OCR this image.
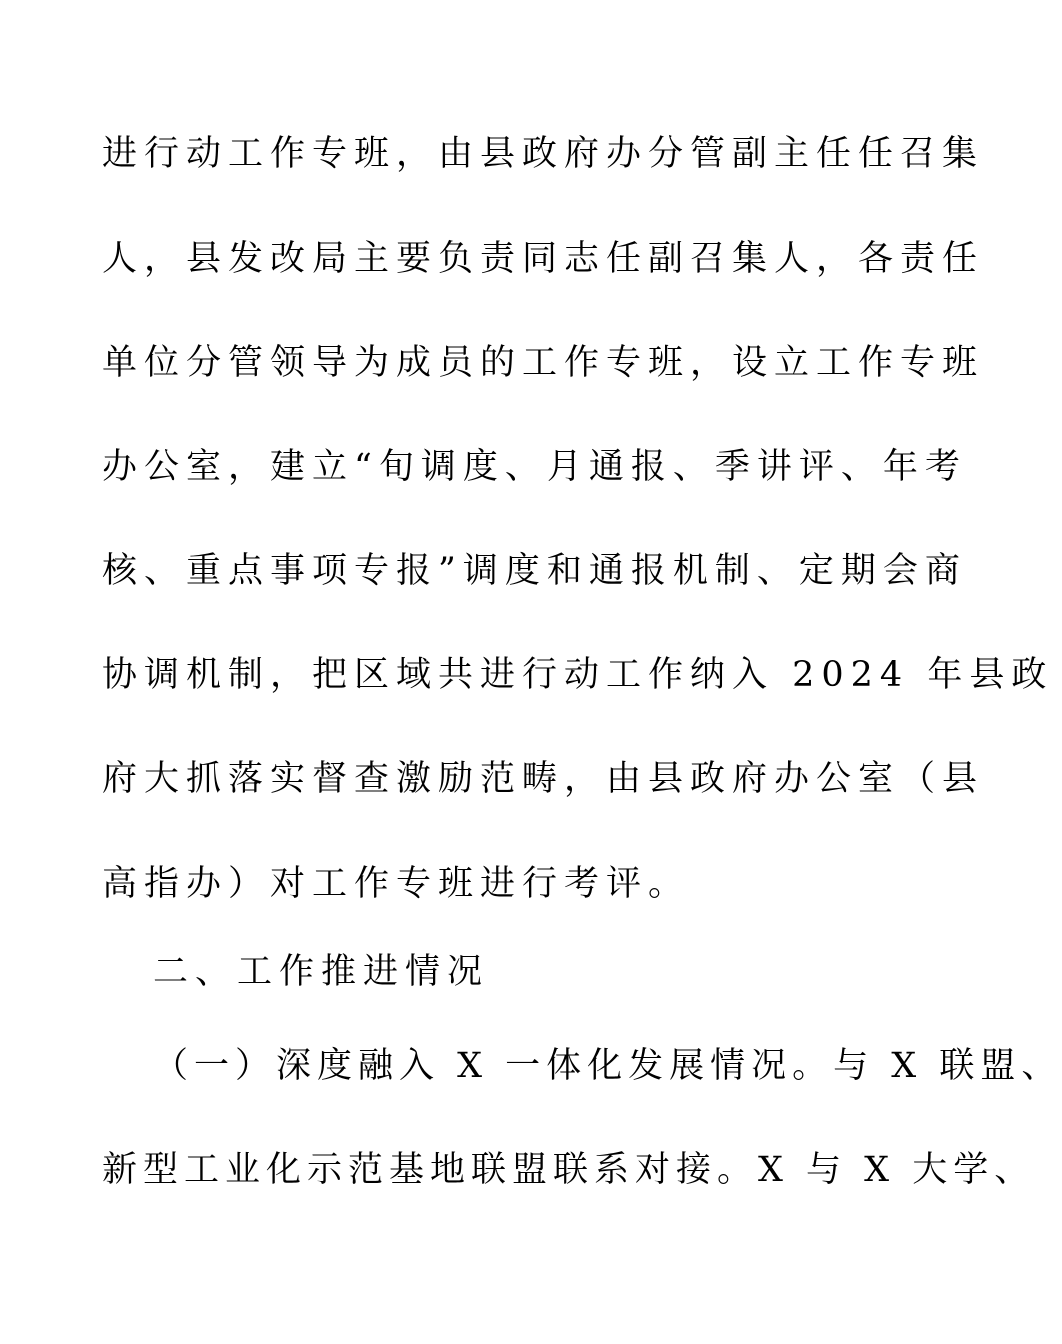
进行动工作专班，由县政府办分管副主任任召集
人，县发改局主要负责同志任副召集人，各责任
单位分管领导为成员的工作专班，设立工作专班
办公室，建立“旬调度、月通报、季讲评、年考
核、重点事项专报”调度和通报机制、定期会商
协调机制，把区域共进行动工作纳入 2024 年县政
府大抓落实督查激励范畴，由县政府办公室（县
高指办）对工作专班进行考评。
二、工作推进情况
（一）深度融入 X 一体化发展情况。与 X 联盟、
新型工业化示范基地联盟联系对接。X 与 X 大学、
